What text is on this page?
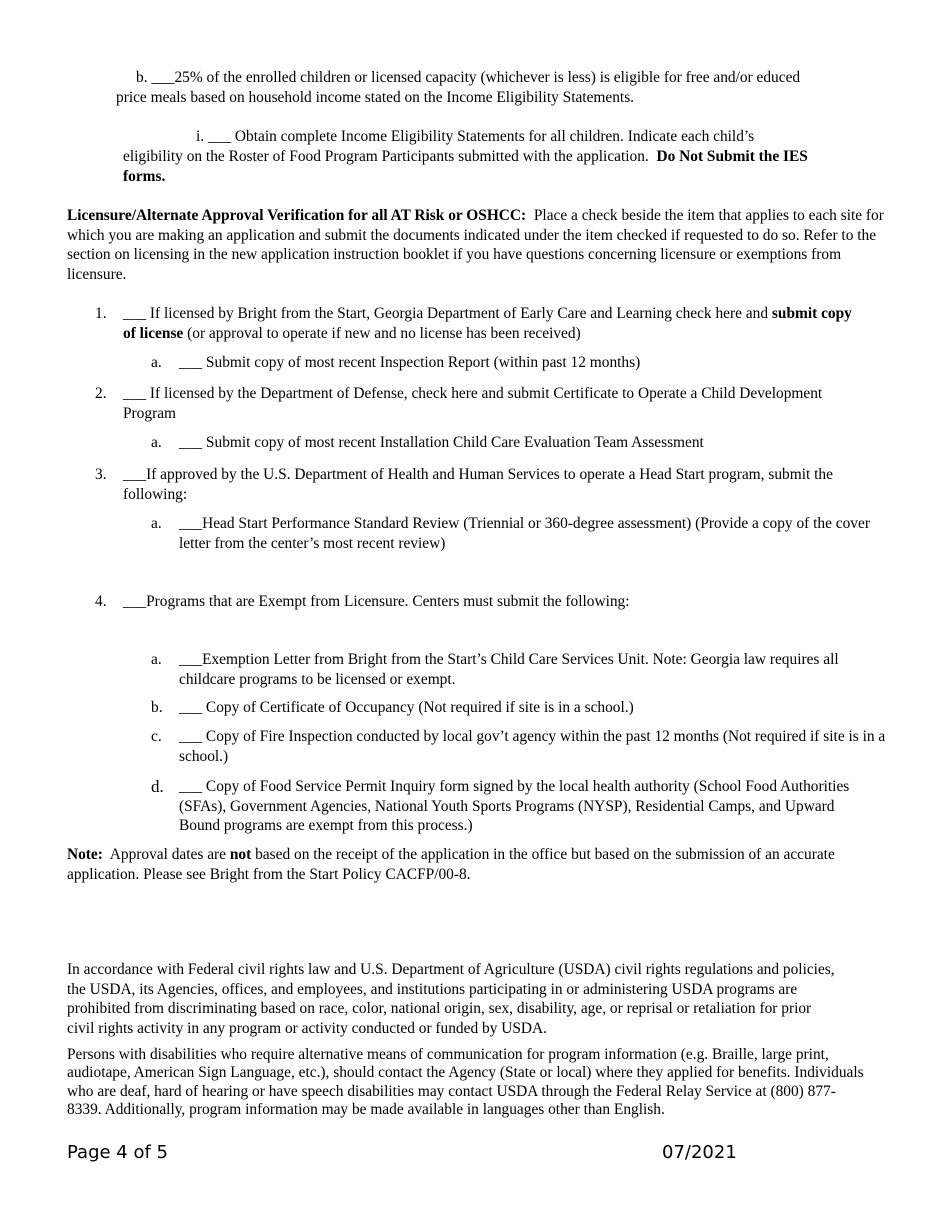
b. ___25% of the enrolled children or licensed capacity (whichever is less) is eligible for free and/or educed

price meals based on household income stated on the Income Eligibility Statements.

i. ___ Obtain complete Income Eligibility Statements for all children. Indicate each child’s

eligibility on the Roster of Food Program Participants submitted with the application. Do Not Submit the IES

forms.

Licensure/Alternate Approval Verification for all AT Risk or OSHCC: Place a check beside the item that applies to each site for which you are making an application and submit the documents indicated under the item checked if requested to do so. Refer to the section on licensing in the new application instruction booklet if you have questions concerning licensure or exemptions from licensure.

1.	___ If licensed by Bright from the Start, Georgia Department of Early Care and Learning check here and submit copy of license (or approval to operate if new and no license has been received)

a.	___ Submit copy of most recent Inspection Report (within past 12 months)

2.	___ If licensed by the Department of Defense, check here and submit Certificate to Operate a Child Development Program

a.	___ Submit copy of most recent Installation Child Care Evaluation Team Assessment

3.	___If approved by the U.S. Department of Health and Human Services to operate a Head Start program, submit the following:

a.	___Head Start Performance Standard Review (Triennial or 360-degree assessment) (Provide a copy of the cover letter from the center’s most recent review)

4.	___Programs that are Exempt from Licensure. Centers must submit the following:

a.	___Exemption Letter from Bright from the Start’s Child Care Services Unit. Note: Georgia law requires all childcare programs to be licensed or exempt.

b.	___ Copy of Certificate of Occupancy (Not required if site is in a school.)

c.	___ Copy of Fire Inspection conducted by local gov’t agency within the past 12 months (Not required if site is in a school.)

d. ___ Copy of Food Service Permit Inquiry form signed by the local health authority (School Food Authorities (SFAs), Government Agencies, National Youth Sports Programs (NYSP), Residential Camps, and Upward Bound programs are exempt from this process.)

Note: Approval dates are not based on the receipt of the application in the office but based on the submission of an accurate application. Please see Bright from the Start Policy CACFP/00-8.

In accordance with Federal civil rights law and U.S. Department of Agriculture (USDA) civil rights regulations and policies, the USDA, its Agencies, offices, and employees, and institutions participating in or administering USDA programs are prohibited from discriminating based on race, color, national origin, sex, disability, age, or reprisal or retaliation for prior civil rights activity in any program or activity conducted or funded by USDA.

Persons with disabilities who require alternative means of communication for program information (e.g. Braille, large print, audiotape, American Sign Language, etc.), should contact the Agency (State or local) where they applied for benefits. Individuals who are deaf, hard of hearing or have speech disabilities may contact USDA through the Federal Relay Service at (800) 877-8339. Additionally, program information may be made available in languages other than English.

Page 4 of 5	07/2021
